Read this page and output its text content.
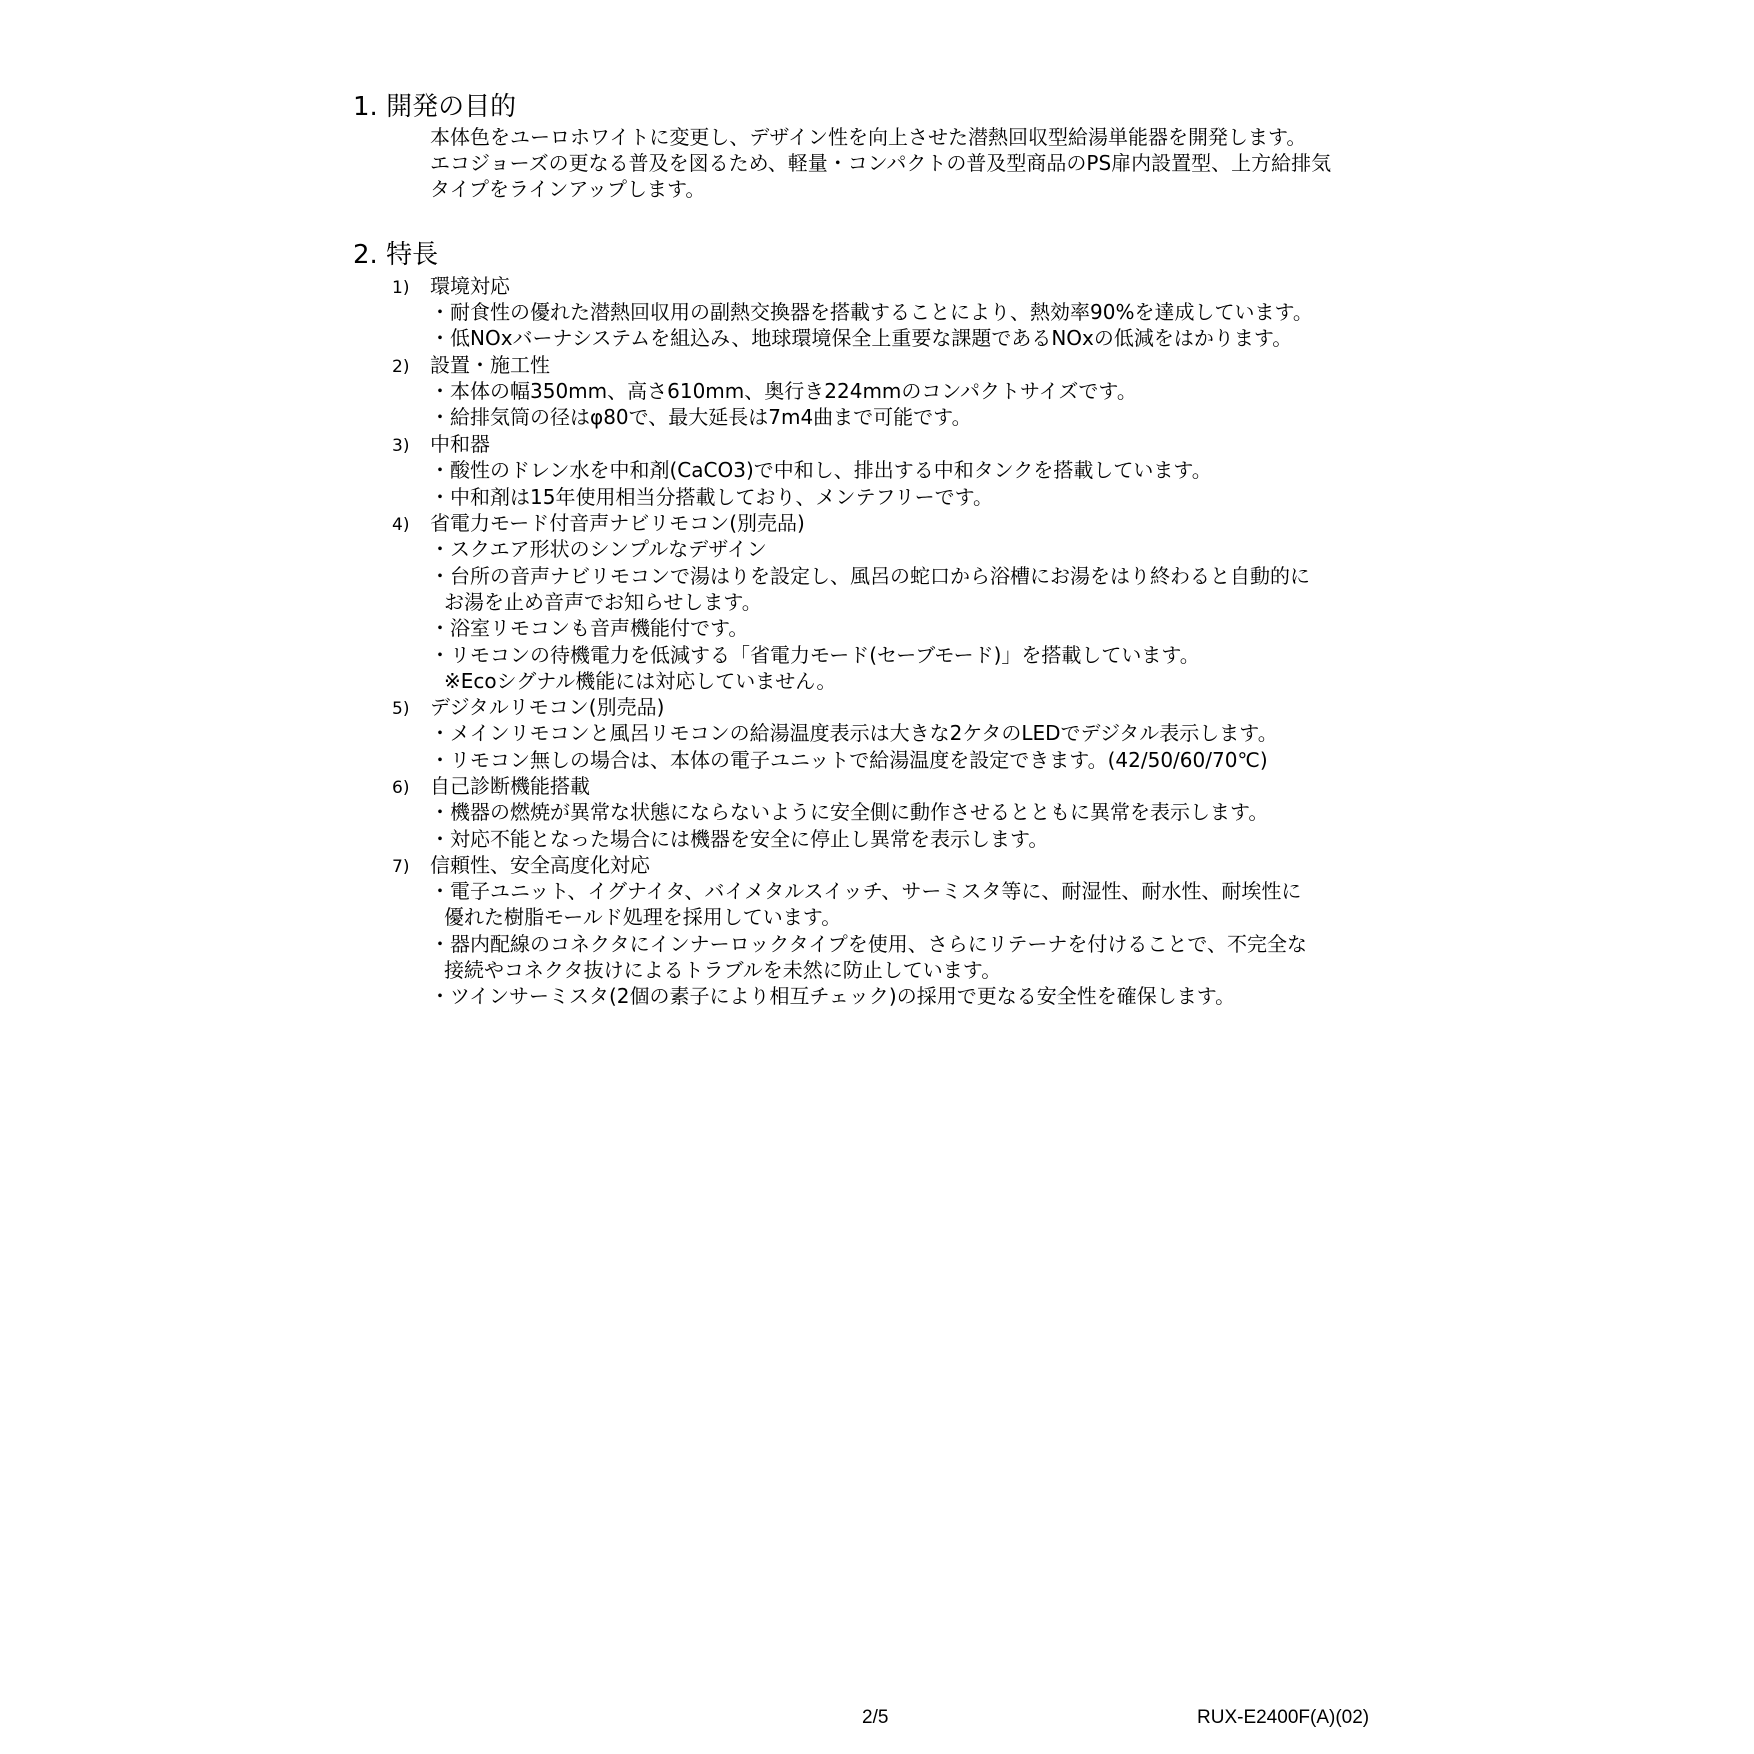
1. 開発の目的
本体色をユーロホワイトに変更し、デザイン性を向上させた潜熱回収型給湯単能器を開発します。
エコジョーズの更なる普及を図るため、軽量・コンパクトの普及型商品のPS扉内設置型、上方給排気
タイプをラインアップします。
2. 特長
1) 環境対応
・耐食性の優れた潜熱回収用の副熱交換器を搭載することにより、熱効率90%を達成しています。
・低NOxバーナシステムを組込み、地球環境保全上重要な課題であるNOxの低減をはかります。
2) 設置・施工性
・本体の幅350mm、高さ610mm、奥行き224mmのコンパクトサイズです。
・給排気筒の径はφ80で、最大延長は7m4曲まで可能です。
3) 中和器
・酸性のドレン水を中和剤(CaCO3)で中和し、排出する中和タンクを搭載しています。
・中和剤は15年使用相当分搭載しており、メンテフリーです。
4) 省電力モード付音声ナビリモコン(別売品)
・スクエア形状のシンプルなデザイン
・台所の音声ナビリモコンで湯はりを設定し、風呂の蛇口から浴槽にお湯をはり終わると自動的に
お湯を止め音声でお知らせします。
・浴室リモコンも音声機能付です。
・リモコンの待機電力を低減する「省電力モード(セーブモード)」を搭載しています。
※Ecoシグナル機能には対応していません。
5) デジタルリモコン(別売品)
・メインリモコンと風呂リモコンの給湯温度表示は大きな2ケタのLEDでデジタル表示します。
・リモコン無しの場合は、本体の電子ユニットで給湯温度を設定できます。(42/50/60/70℃)
6) 自己診断機能搭載
・機器の燃焼が異常な状態にならないように安全側に動作させるとともに異常を表示します。
・対応不能となった場合には機器を安全に停止し異常を表示します。
7) 信頼性、安全高度化対応
・電子ユニット、イグナイタ、バイメタルスイッチ、サーミスタ等に、耐湿性、耐水性、耐埃性に
優れた樹脂モールド処理を採用しています。
・器内配線のコネクタにインナーロックタイプを使用、さらにリテーナを付けることで、不完全な
接続やコネクタ抜けによるトラブルを未然に防止しています。
・ツインサーミスタ(2個の素子により相互チェック)の採用で更なる安全性を確保します。
2/5	RUX-E2400F(A)(02)
